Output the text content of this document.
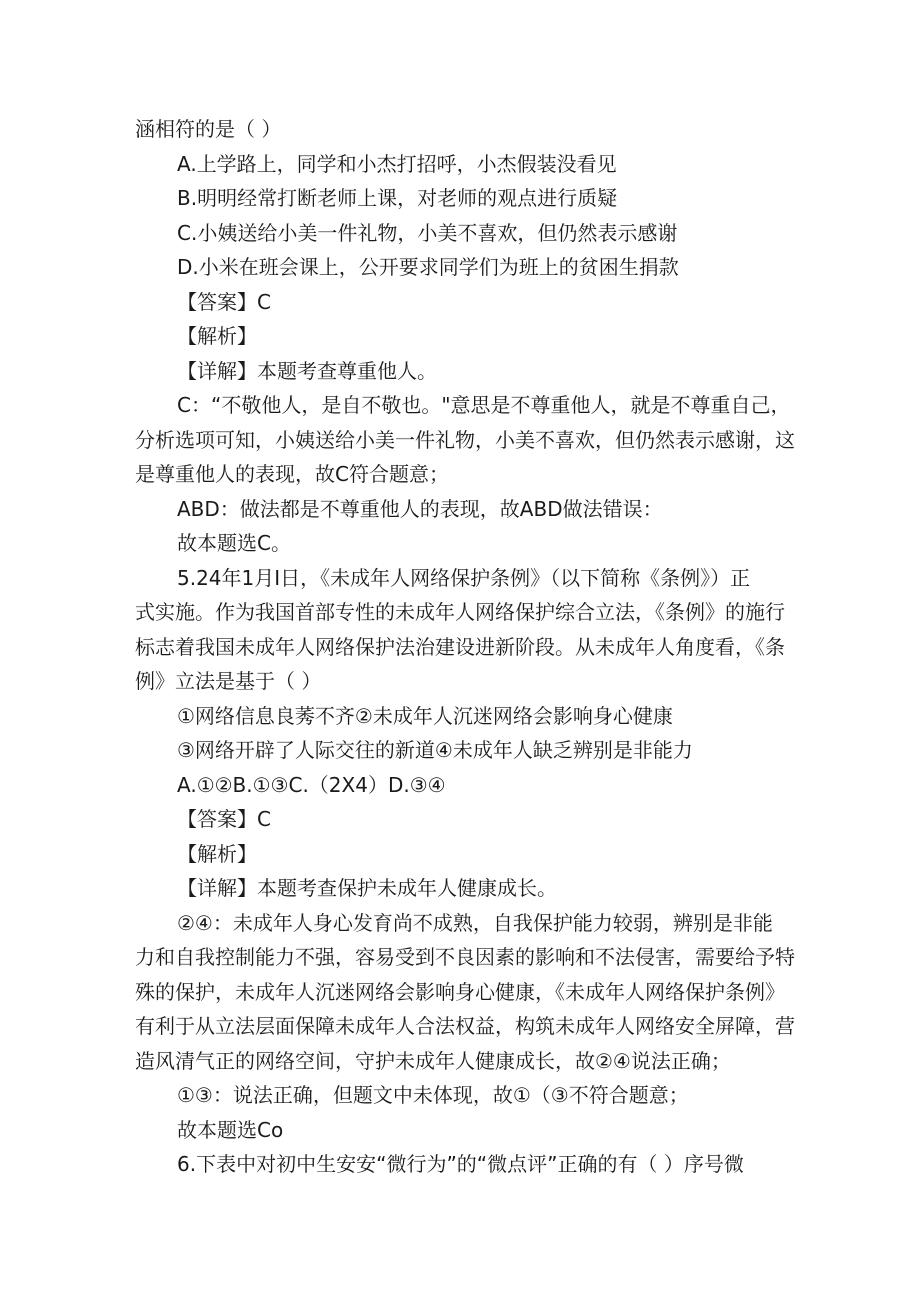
涵相符的是（ ）
A.上学路上，同学和小杰打招呼，小杰假装没看见
B.明明经常打断老师上课，对老师的观点进行质疑
C.小姨送给小美一件礼物，小美不喜欢，但仍然表示感谢
D.小米在班会课上，公开要求同学们为班上的贫困生捐款
【答案】C
【解析】
【详解】本题考查尊重他人。
C：“不敬他人，是自不敬也。"意思是不尊重他人，就是不尊重自己，
分析选项可知，小姨送给小美一件礼物，小美不喜欢，但仍然表示感谢，这
是尊重他人的表现，故C符合题意；
ABD：做法都是不尊重他人的表现，故ABD做法错误：
故本题选C。
5.24年1月I日，《未成年人网络保护条例》（以下简称《条例》）正
式实施。作为我国首部专性的未成年人网络保护综合立法，《条例》的施行
标志着我国未成年人网络保护法治建设进新阶段。从未成年人角度看，《条
例》立法是基于（ ）
①网络信息良莠不齐②未成年人沉迷网络会影响身心健康
③网络开辟了人际交往的新道④未成年人缺乏辨别是非能力
A.①②B.①③C.（2X4）D.③④
【答案】C
【解析】
【详解】本题考查保护未成年人健康成长。
②④：未成年人身心发育尚不成熟，自我保护能力较弱，辨别是非能
力和自我控制能力不强，容易受到不良因素的影响和不法侵害，需要给予特
殊的保护，未成年人沉迷网络会影响身心健康，《未成年人网络保护条例》
有利于从立法层面保障未成年人合法权益，构筑未成年人网络安全屏障，营
造风清气正的网络空间，守护未成年人健康成长，故②④说法正确；
①③：说法正确，但题文中未体现，故①（③不符合题意；
故本题选Co
6.下表中对初中生安安“微行为”的“微点评”正确的有（ ）序号微
